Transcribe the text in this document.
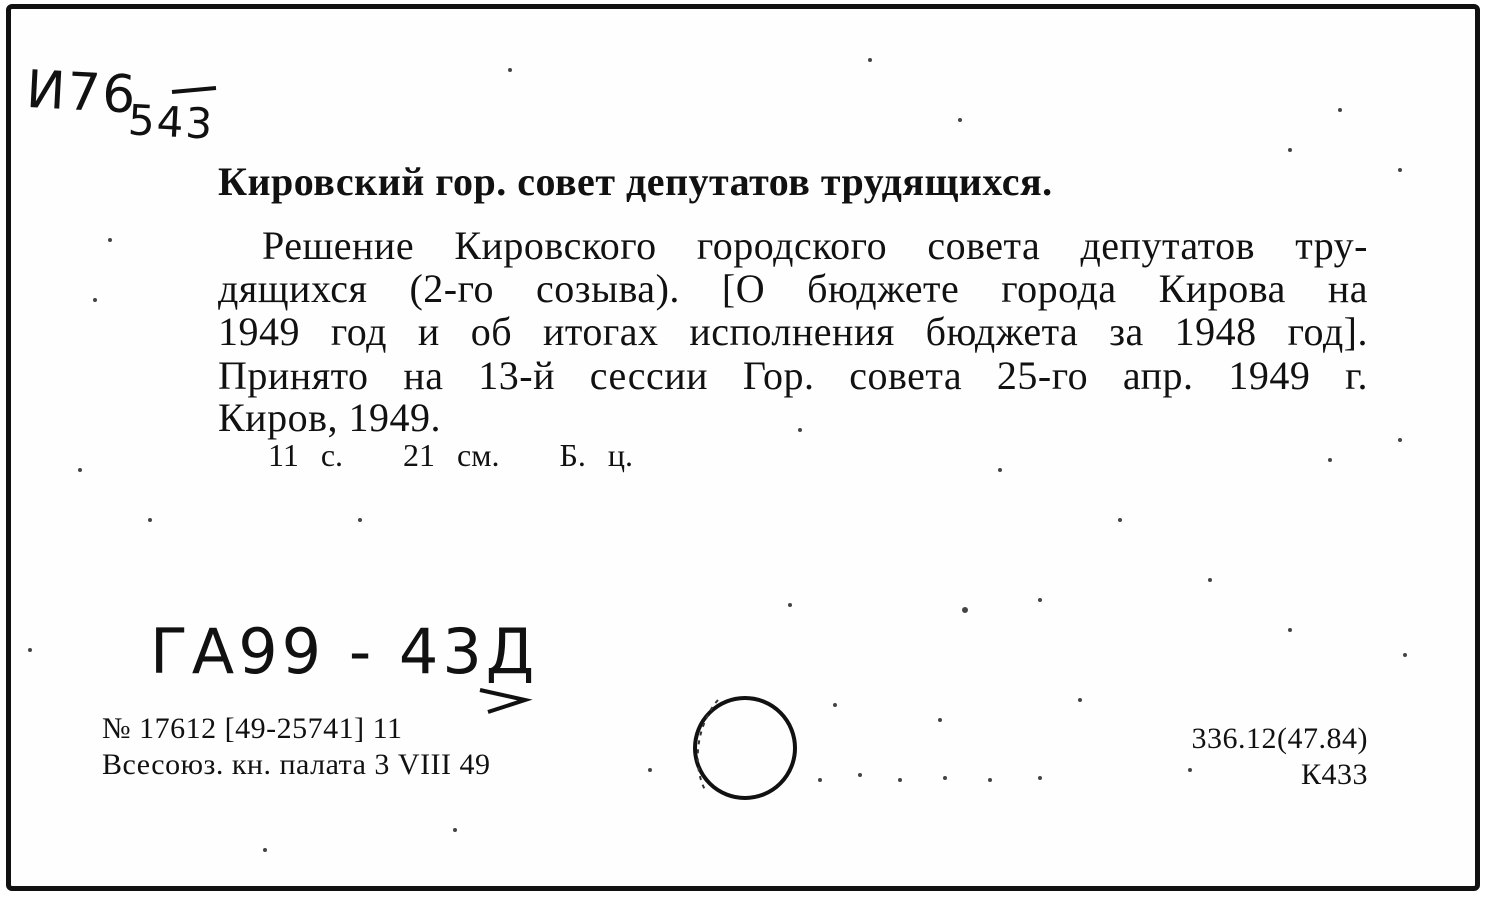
И76543
Кировский гор. совет депутатов трудящихся.
Решение Кировского городского совета депутатов тру-
дящихся (2-го созыва). [О бюджете города Кирова на
1949 год и об итогах исполнения бюджета за 1948 год].
Принято на 13-й сессии Гор. совета 25-го апр. 1949 г.
Киров, 1949.
11 с. 21 см. Б. ц.
ГА99 - 43Д
№ 17612 [49-25741] 11
Всесоюз. кн. палата 3 VIII 49
336.12(47.84)
К433
